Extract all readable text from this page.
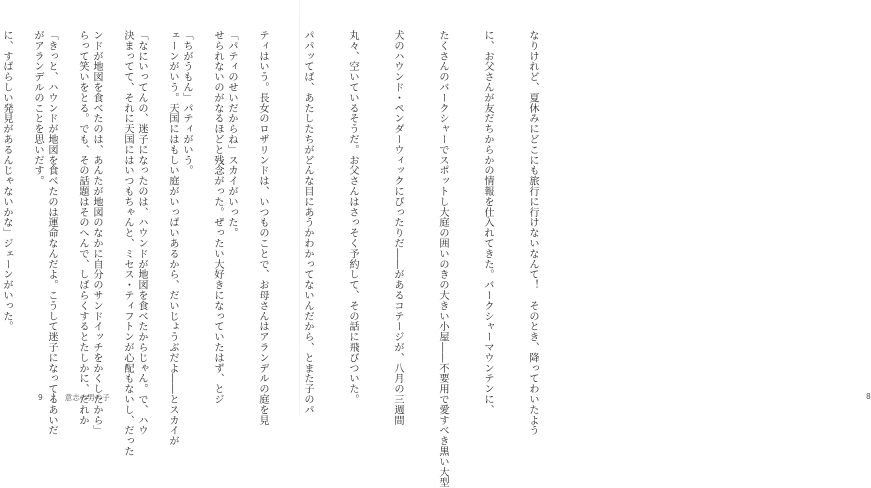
「パティのせいだからね」スカイがいった。

「ちがうもん」パティがいう。

「なにいってんの、迷子になったのは、ハウンドが地図を食べたからじゃん。で、ハウ

ンドが地図を食べたのは、あんたが地図のなかに自分のサンドイッチをかくしたから」

「きっと、ハウンドが地図を食べたのは運命なんだよ。こうして迷子になってるあいだ

に、すばらしい発見があるんじゃないかな」ジェーンがいった。

9	意志の男の子

	なりけれど、夏休みにどこにも旅行に行けないなんて！　そのとき、降ってわいたよう

に、お父さんが友だちからかの情報を仕入れてきた。バークシャーマウンテンに、

たくさんのバークシャーでスポットし大庭の囲いのきの大きい小屋――不要用で愛すべき黒い大型

犬のハウンド・ペンダーウィックにぴったりだ――があるコテージが、八月の三週間

丸々、空いているそうだ。お父さんはさっそく予約して、その話に飛びついた。

パパッてば、あたしたちがどんな目にあうかわかってないんだから、とまた子のパ

ティはいう。長女のロザリンドは、いつものことで、お母さんはアランデルの庭を見

せられないのがなるほどと残念がった。ぜったい大好きになっていたはず、とジ

ェーンがいう。天国にはもしい庭がいっぱいあるから、だいじょうぶだよ――とスカイが

決まってて、それに天国にはいつもちゃんと、ミセス・ティフトンが心配もないし、だった

らって笑いをとる。でも、その話題はそのへんで、しばらくするとたしかに、だれか

がアランデルのことを思いだす。

8
